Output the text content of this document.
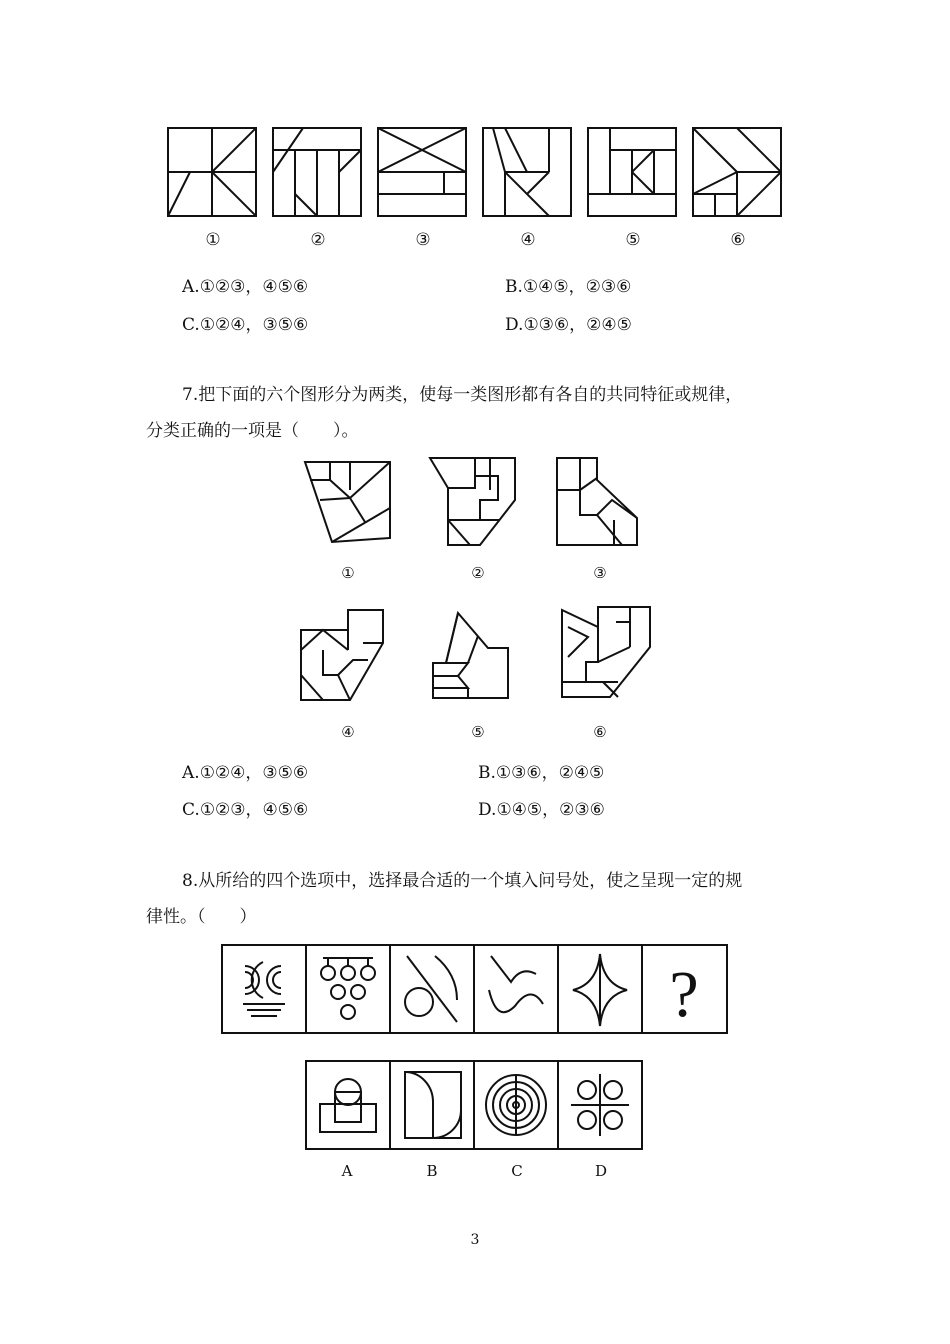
①	②	③	④	⑤	⑥
A.①②③，④⑤⑥	B.①④⑤，②③⑥
C.①②④，③⑤⑥	D.①③⑥，②④⑤
7.把下面的六个图形分为两类，使每一类图形都有各自的共同特征或规律，
分类正确的一项是（　　）。
①	②	③
④	⑤	⑥
A.①②④，③⑤⑥	B.①③⑥，②④⑤
C.①②③，④⑤⑥	D.①④⑤，②③⑥
8.从所给的四个选项中，选择最合适的一个填入问号处，使之呈现一定的规
律性。（　　）
?
A	B	C	D
3
